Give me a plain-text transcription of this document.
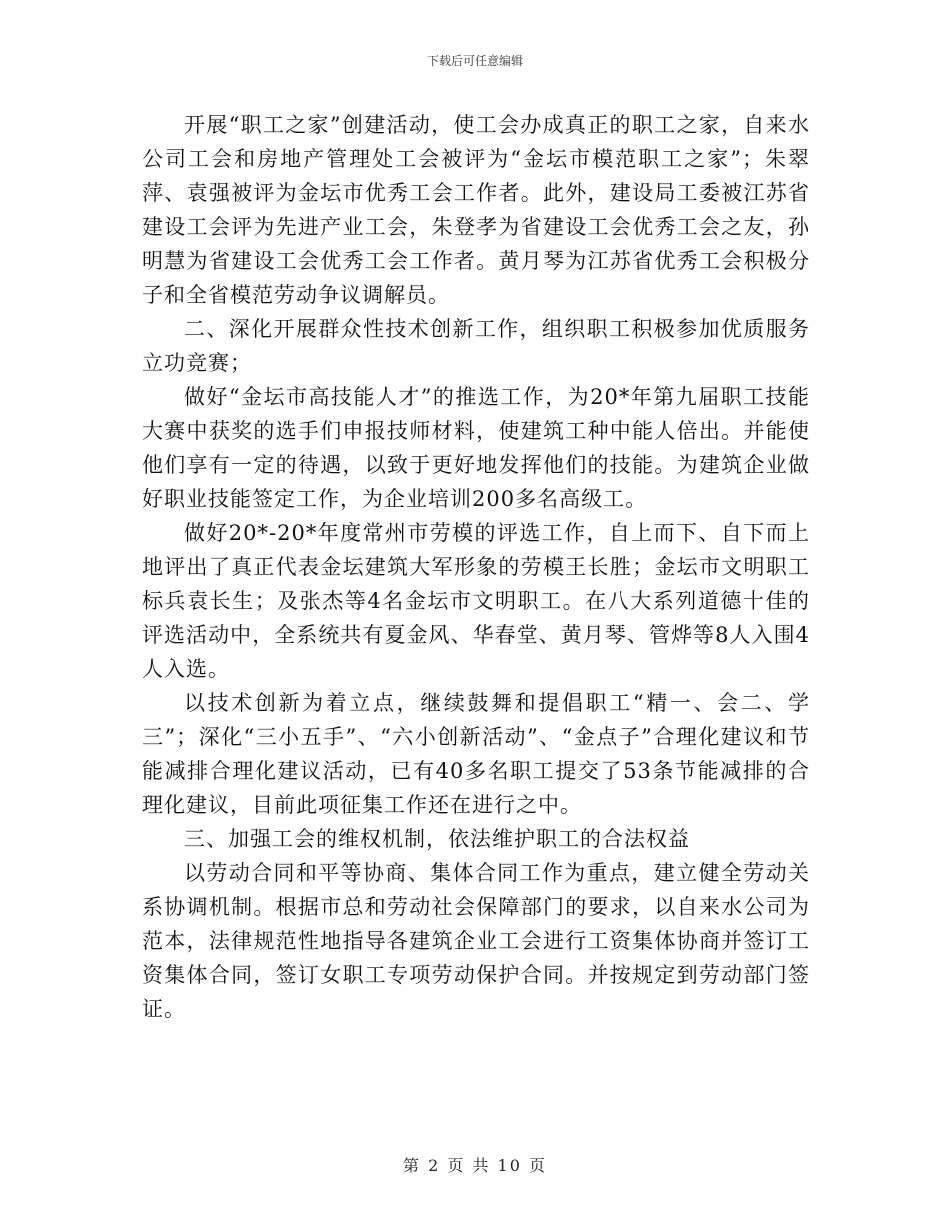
下载后可任意编辑

开展“职工之家”创建活动，使工会办成真正的职工之家，自来水公司工会和房地产管理处工会被评为“金坛市模范职工之家”；朱翠萍、袁强被评为金坛市优秀工会工作者。此外，建设局工委被江苏省建设工会评为先进产业工会，朱登孝为省建设工会优秀工会之友，孙明慧为省建设工会优秀工会工作者。黄月琴为江苏省优秀工会积极分子和全省模范劳动争议调解员。

二、深化开展群众性技术创新工作，组织职工积极参加优质服务立功竞赛；

做好“金坛市高技能人才”的推选工作，为20*年第九届职工技能大赛中获奖的选手们申报技师材料，使建筑工种中能人倍出。并能使他们享有一定的待遇，以致于更好地发挥他们的技能。为建筑企业做好职业技能签定工作，为企业培训200多名高级工。

做好20*-20*年度常州市劳模的评选工作，自上而下、自下而上地评出了真正代表金坛建筑大军形象的劳模王长胜；金坛市文明职工标兵袁长生；及张杰等4名金坛市文明职工。在八大系列道德十佳的评选活动中，全系统共有夏金风、华春堂、黄月琴、管烨等8人入围4人入选。

以技术创新为着立点，继续鼓舞和提倡职工“精一、会二、学三”；深化“三小五手”、“六小创新活动”、“金点子”合理化建议和节能减排合理化建议活动，已有40多名职工提交了53条节能减排的合理化建议，目前此项征集工作还在进行之中。

三、加强工会的维权机制，依法维护职工的合法权益

以劳动合同和平等协商、集体合同工作为重点，建立健全劳动关系协调机制。根据市总和劳动社会保障部门的要求，以自来水公司为范本，法律规范性地指导各建筑企业工会进行工资集体协商并签订工资集体合同，签订女职工专项劳动保护合同。并按规定到劳动部门签证。

第 2 页 共 10 页
